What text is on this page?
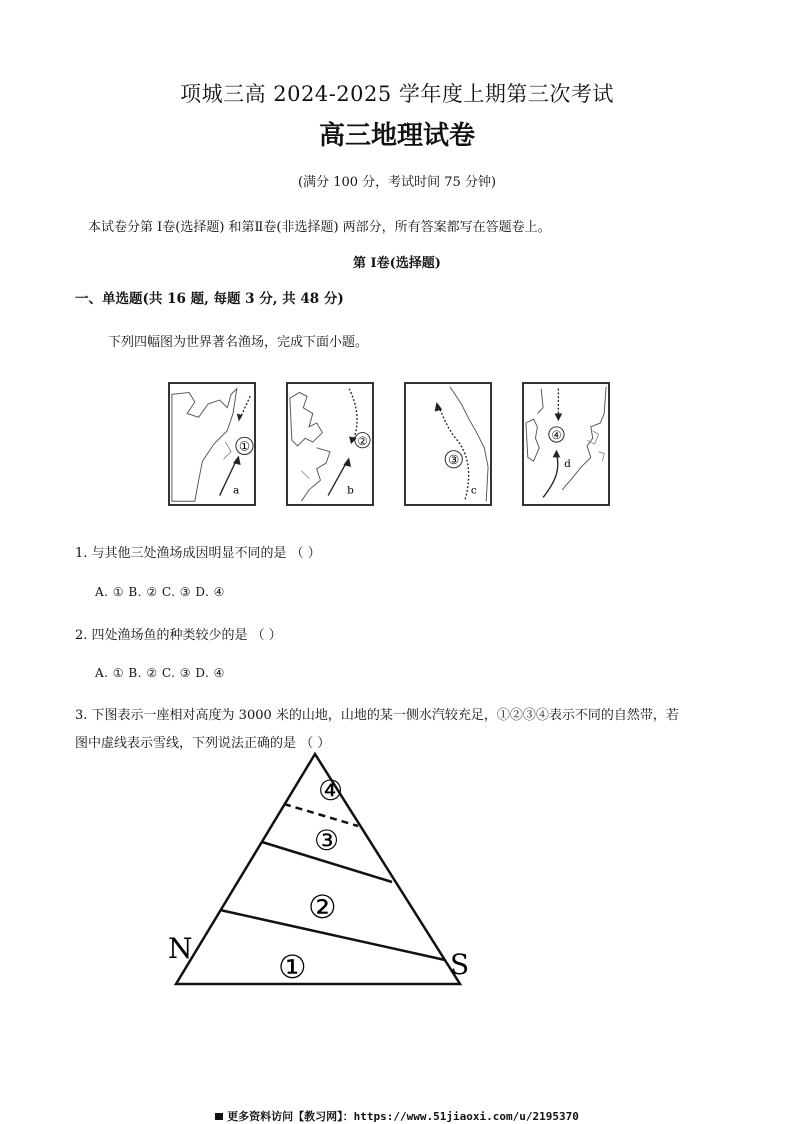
项城三高 2024-2025 学年度上期第三次考试
高三地理试卷
(满分 100 分，考试时间 75 分钟)
本试卷分第 Ⅰ卷(选择题) 和第Ⅱ卷(非选择题) 两部分，所有答案都写在答题卷上。
第 Ⅰ卷(选择题)
一、单选题(共 16 题, 每题 3 分, 共 48 分)
下列四幅图为世界著名渔场，完成下面小题。
①
a
②
b
③
c
④
d
1. 与其他三处渔场成因明显不同的是 （ ）
A. ① B. ② C. ③ D. ④
2. 四处渔场鱼的种类较少的是 （ ）
A. ① B. ② C. ③ D. ④
3. 下图表示一座相对高度为 3000 米的山地，山地的某一侧水汽较充足，①②③④表示不同的自然带，若
图中虚线表示雪线，下列说法正确的是 （ ）
①
②
③
④
N	S
更多资料访问【教习网】：https://www.51jiaoxi.com/u/2195370
